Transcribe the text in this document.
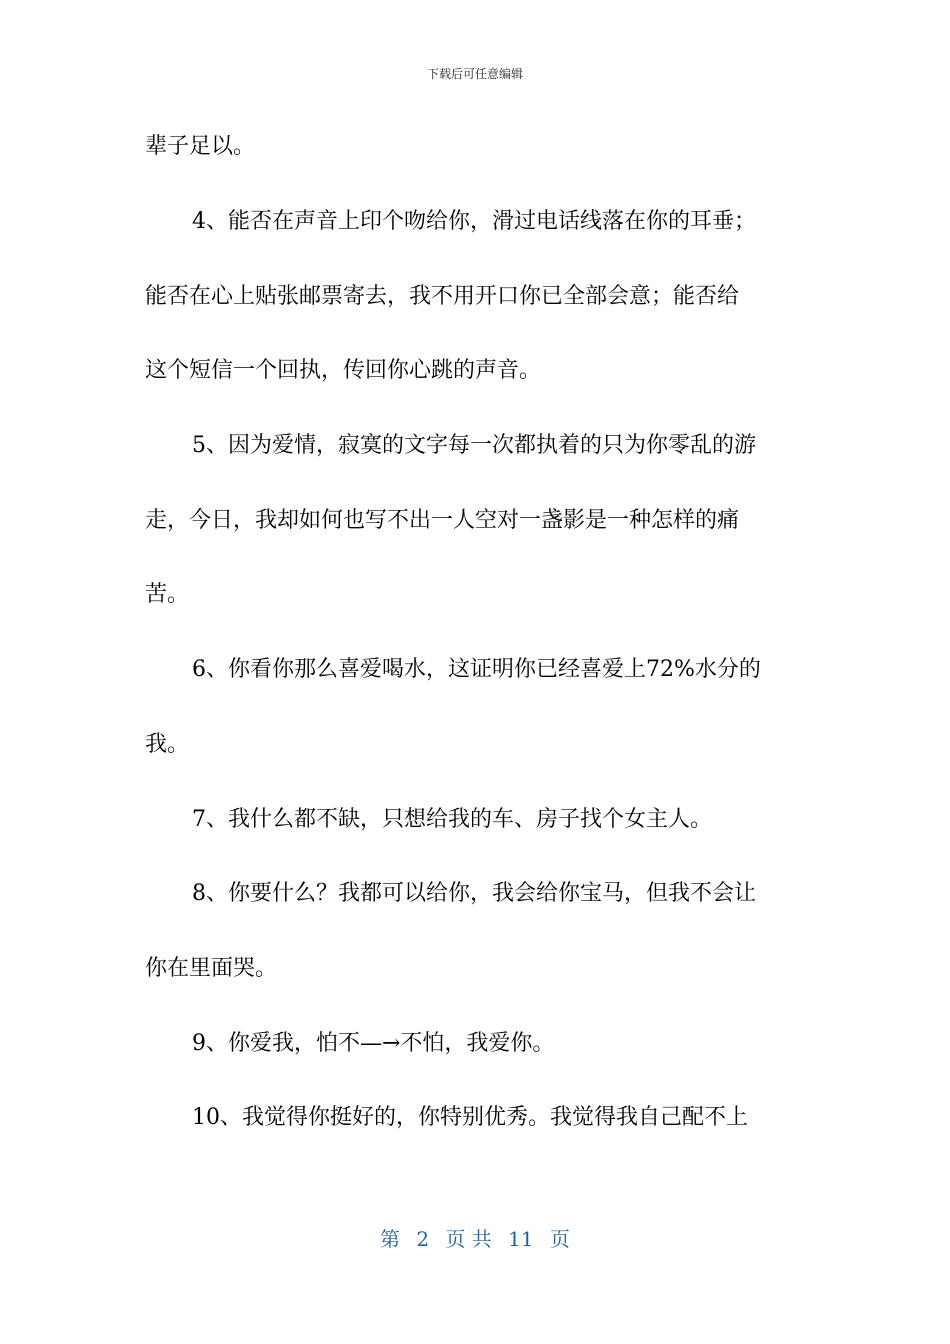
下载后可任意编辑
辈子足以。
4、能否在声音上印个吻给你，滑过电话线落在你的耳垂；
能否在心上贴张邮票寄去，我不用开口你已全部会意；能否给
这个短信一个回执，传回你心跳的声音。
5、因为爱情，寂寞的文字每一次都执着的只为你零乱的游
走，今日，我却如何也写不出一人空对一盏影是一种怎样的痛
苦。
6、你看你那么喜爱喝水，这证明你已经喜爱上72%水分的
我。
7、我什么都不缺，只想给我的车、房子找个女主人。
8、你要什么？我都可以给你，我会给你宝马，但我不会让
你在里面哭。
9、你爱我，怕不—→不怕，我爱你。
10、我觉得你挺好的，你特别优秀。我觉得我自己配不上
第 2 页 共 11 页
